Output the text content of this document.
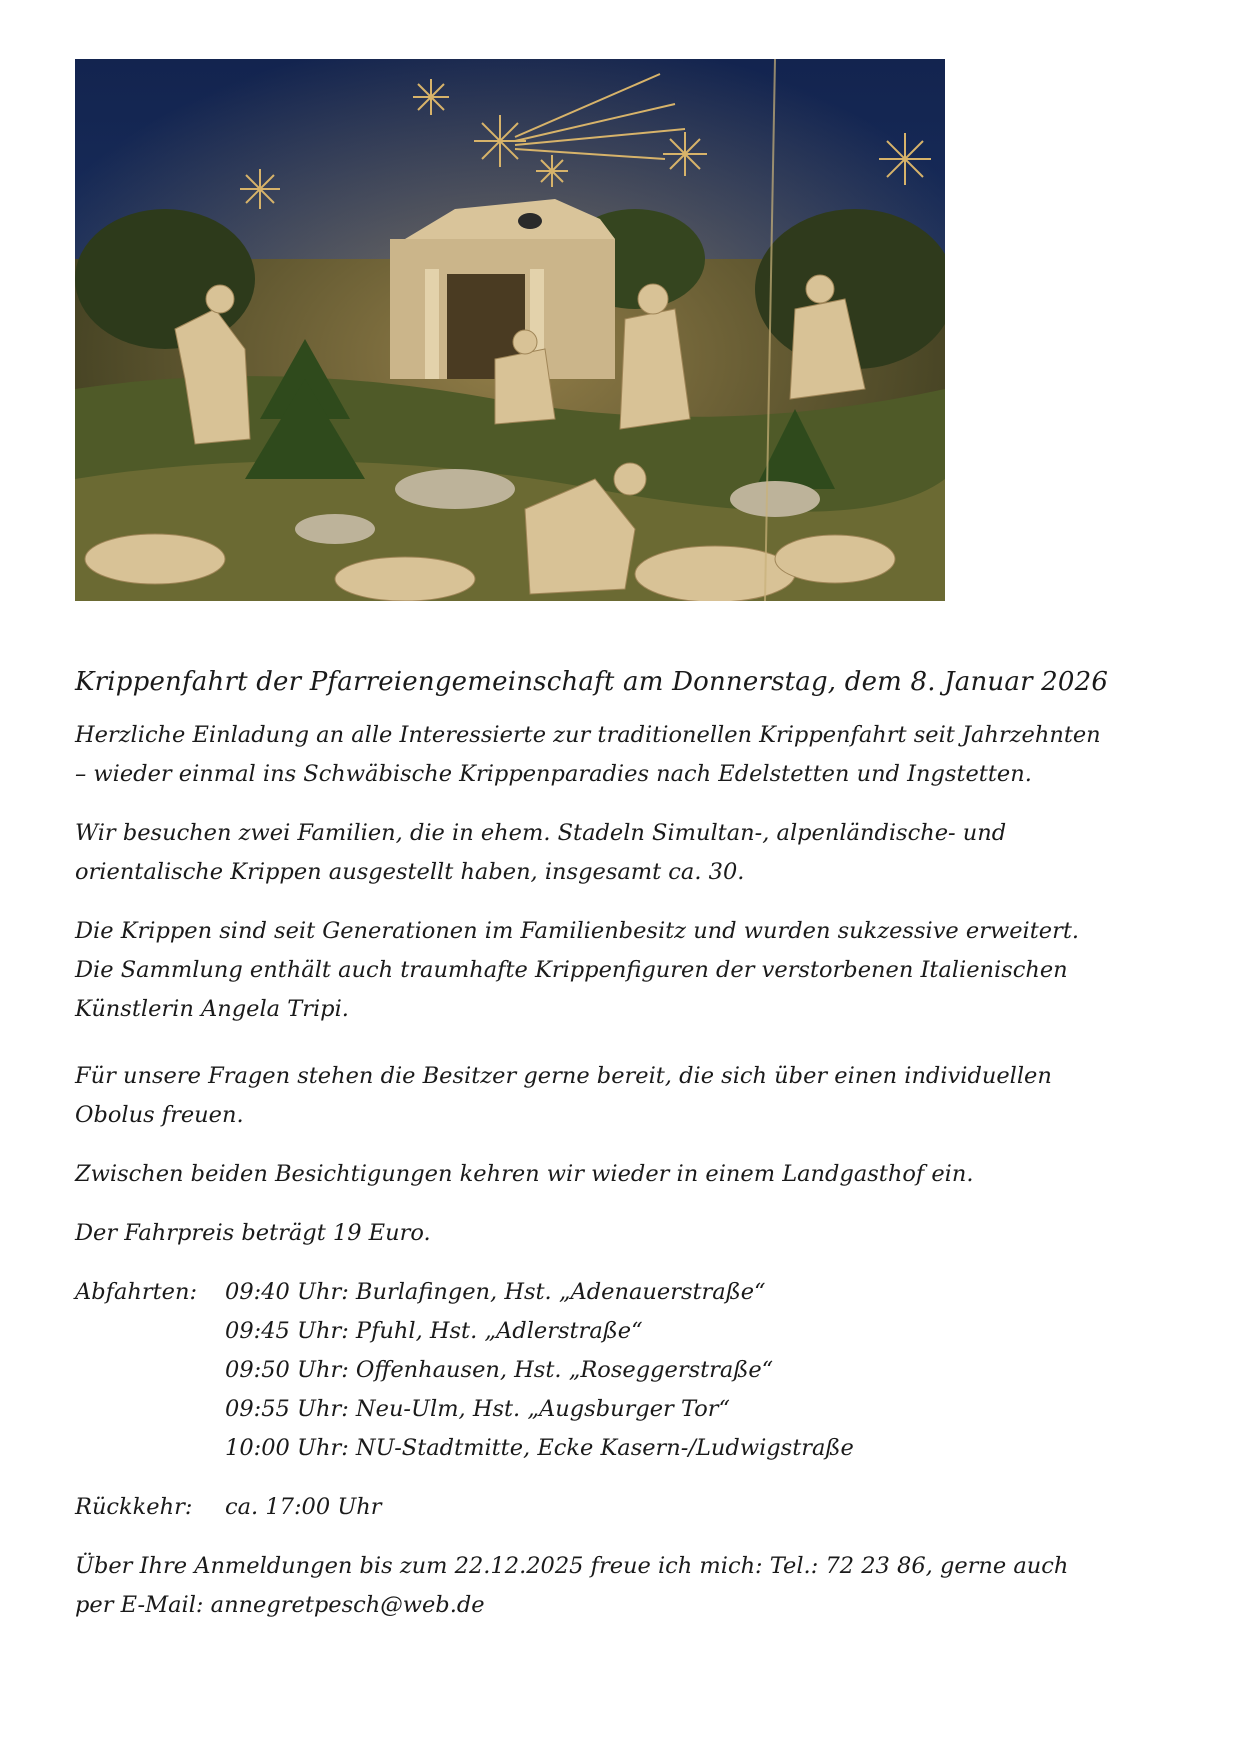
Krippenfahrt der Pfarreiengemeinschaft am Donnerstag, dem 8. Januar 2026

Herzliche Einladung an alle Interessierte zur traditionellen Krippenfahrt seit Jahrzehnten
– wieder einmal ins Schwäbische Krippenparadies nach Edelstetten und Ingstetten.

Wir besuchen zwei Familien, die in ehem. Stadeln Simultan-, alpenländische- und
orientalische Krippen ausgestellt haben, insgesamt ca. 30.

Die Krippen sind seit Generationen im Familienbesitz und wurden sukzessive erweitert.
Die Sammlung enthält auch traumhafte Krippenfiguren der verstorbenen Italienischen
Künstlerin Angela Tripi.

Für unsere Fragen stehen die Besitzer gerne bereit, die sich über einen individuellen
Obolus freuen.

Zwischen beiden Besichtigungen kehren wir wieder in einem Landgasthof ein.

Der Fahrpreis beträgt 19 Euro.

Abfahrten:	09:40 Uhr: Burlafingen, Hst. „Adenauerstraße“
09:45 Uhr: Pfuhl, Hst. „Adlerstraße“
09:50 Uhr: Offenhausen, Hst. „Roseggerstraße“
09:55 Uhr: Neu-Ulm, Hst. „Augsburger Tor“
10:00 Uhr: NU-Stadtmitte, Ecke Kasern-/Ludwigstraße
Rückkehr:	ca. 17:00 Uhr

Über Ihre Anmeldungen bis zum 22.12.2025 freue ich mich: Tel.: 72 23 86, gerne auch
per E-Mail: annegretpesch@web.de
